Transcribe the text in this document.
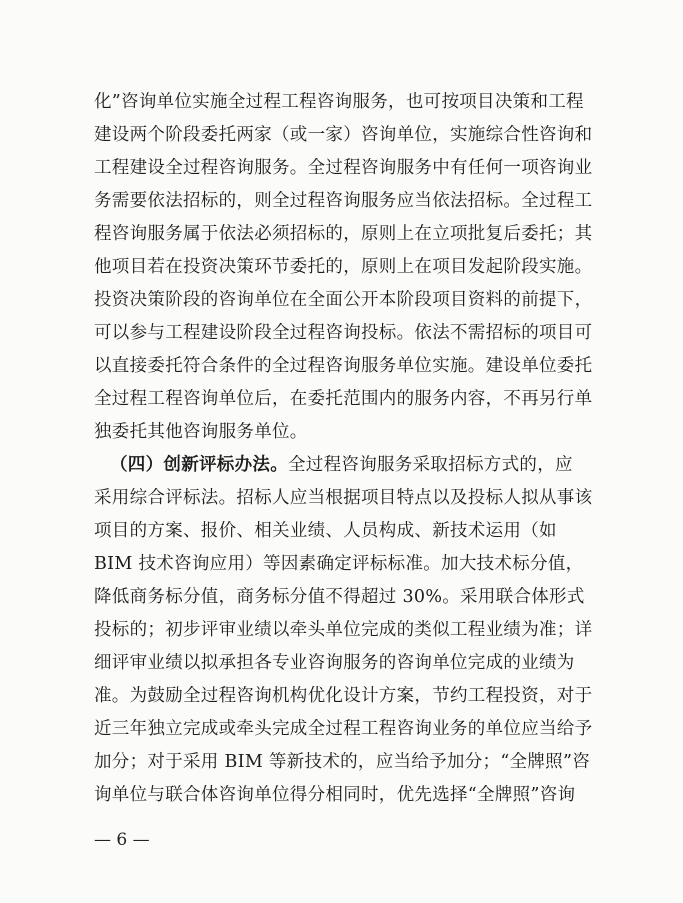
化”咨询单位实施全过程工程咨询服务，也可按项目决策和工程
建设两个阶段委托两家（或一家）咨询单位，实施综合性咨询和
工程建设全过程咨询服务。全过程咨询服务中有任何一项咨询业
务需要依法招标的，则全过程咨询服务应当依法招标。全过程工
程咨询服务属于依法必须招标的，原则上在立项批复后委托；其
他项目若在投资决策环节委托的，原则上在项目发起阶段实施。
投资决策阶段的咨询单位在全面公开本阶段项目资料的前提下，
可以参与工程建设阶段全过程咨询投标。依法不需招标的项目可
以直接委托符合条件的全过程咨询服务单位实施。建设单位委托
全过程工程咨询单位后，在委托范围内的服务内容，不再另行单
独委托其他咨询服务单位。
（四）创新评标办法。全过程咨询服务采取招标方式的，应
采用综合评标法。招标人应当根据项目特点以及投标人拟从事该
项目的方案、报价、相关业绩、人员构成、新技术运用（如
BIM 技术咨询应用）等因素确定评标标准。加大技术标分值，
降低商务标分值，商务标分值不得超过 30%。采用联合体形式
投标的；初步评审业绩以牵头单位完成的类似工程业绩为准；详
细评审业绩以拟承担各专业咨询服务的咨询单位完成的业绩为
准。为鼓励全过程咨询机构优化设计方案，节约工程投资，对于
近三年独立完成或牵头完成全过程工程咨询业务的单位应当给予
加分；对于采用 BIM 等新技术的，应当给予加分；“全牌照”咨
询单位与联合体咨询单位得分相同时，优先选择“全牌照”咨询
— 6 —
